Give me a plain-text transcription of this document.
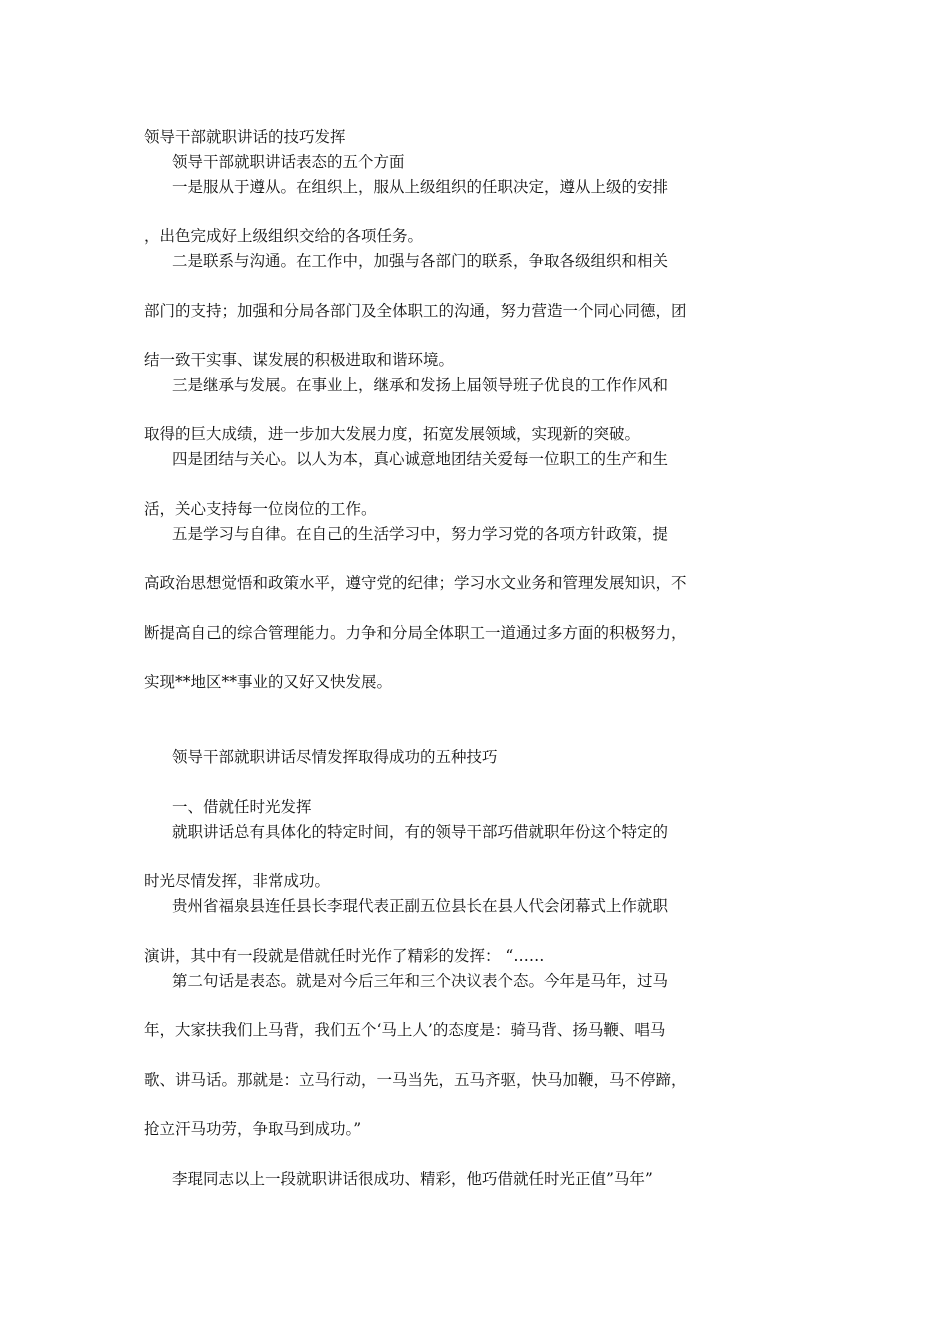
领导干部就职讲话的技巧发挥
领导干部就职讲话表态的五个方面
一是服从于遵从。在组织上，服从上级组织的任职决定，遵从上级的安排
，出色完成好上级组织交给的各项任务。
二是联系与沟通。在工作中，加强与各部门的联系，争取各级组织和相关
部门的支持；加强和分局各部门及全体职工的沟通，努力营造一个同心同德，团
结一致干实事、谋发展的积极进取和谐环境。
三是继承与发展。在事业上，继承和发扬上届领导班子优良的工作作风和
取得的巨大成绩，进一步加大发展力度，拓宽发展领域，实现新的突破。
四是团结与关心。以人为本，真心诚意地团结关爱每一位职工的生产和生
活，关心支持每一位岗位的工作。
五是学习与自律。在自己的生活学习中，努力学习党的各项方针政策，提
高政治思想觉悟和政策水平，遵守党的纪律；学习水文业务和管理发展知识，不
断提高自己的综合管理能力。力争和分局全体职工一道通过多方面的积极努力，
实现**地区**事业的又好又快发展。
领导干部就职讲话尽情发挥取得成功的五种技巧
一、借就任时光发挥
就职讲话总有具体化的特定时间，有的领导干部巧借就职年份这个特定的
时光尽情发挥，非常成功。
贵州省福泉县连任县长李琨代表正副五位县长在县人代会闭幕式上作就职
演讲，其中有一段就是借就任时光作了精彩的发挥： “……
第二句话是表态。就是对今后三年和三个决议表个态。今年是马年，过马
年，大家扶我们上马背，我们五个‘马上人’的态度是：骑马背、扬马鞭、唱马
歌、讲马话。那就是：立马行动，一马当先，五马齐驱，快马加鞭，马不停蹄，
抢立汗马功劳，争取马到成功。”
李琨同志以上一段就职讲话很成功、精彩，他巧借就任时光正值”马年”
